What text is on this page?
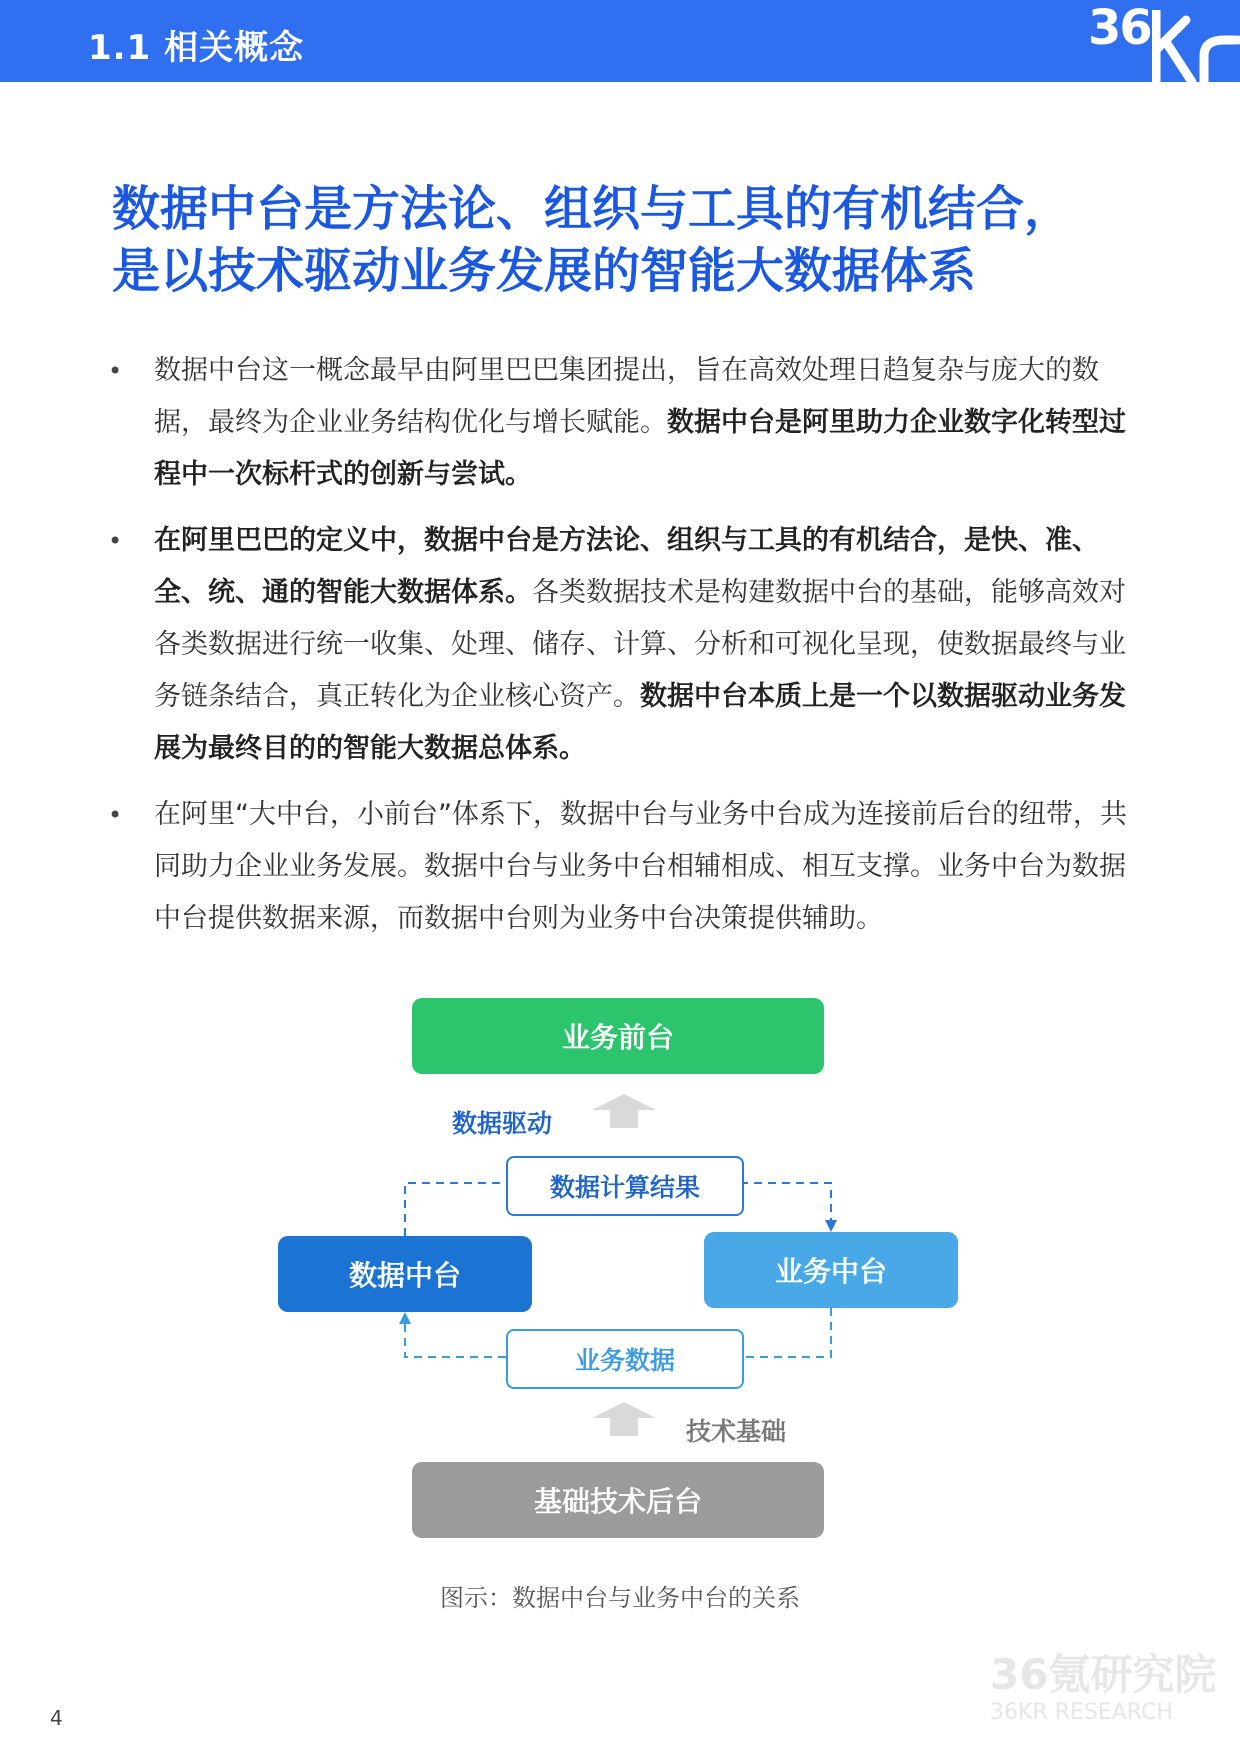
1.1 相关概念	36
数据中台是方法论、组织与工具的有机结合，
是以技术驱动业务发展的智能大数据体系
• 数据中台这一概念最早由阿里巴巴集团提出，旨在高效处理日趋复杂与庞大的数据，最终为企业业务结构优化与增长赋能。数据中台是阿里助力企业数字化转型过程中一次标杆式的创新与尝试。
• 在阿里巴巴的定义中，数据中台是方法论、组织与工具的有机结合，是快、准、全、统、通的智能大数据体系。各类数据技术是构建数据中台的基础，能够高效对各类数据进行统一收集、处理、储存、计算、分析和可视化呈现，使数据最终与业务链条结合，真正转化为企业核心资产。数据中台本质上是一个以数据驱动业务发展为最终目的的智能大数据总体系。
• 在阿里“大中台，小前台”体系下，数据中台与业务中台成为连接前后台的纽带，共同助力企业业务发展。数据中台与业务中台相辅相成、相互支撑。业务中台为数据中台提供数据来源，而数据中台则为业务中台决策提供辅助。
业务前台
数据驱动
数据计算结果
数据中台	业务中台
业务数据
技术基础
基础技术后台
图示：数据中台与业务中台的关系
4
36氪研究院
36KR RESEARCH
